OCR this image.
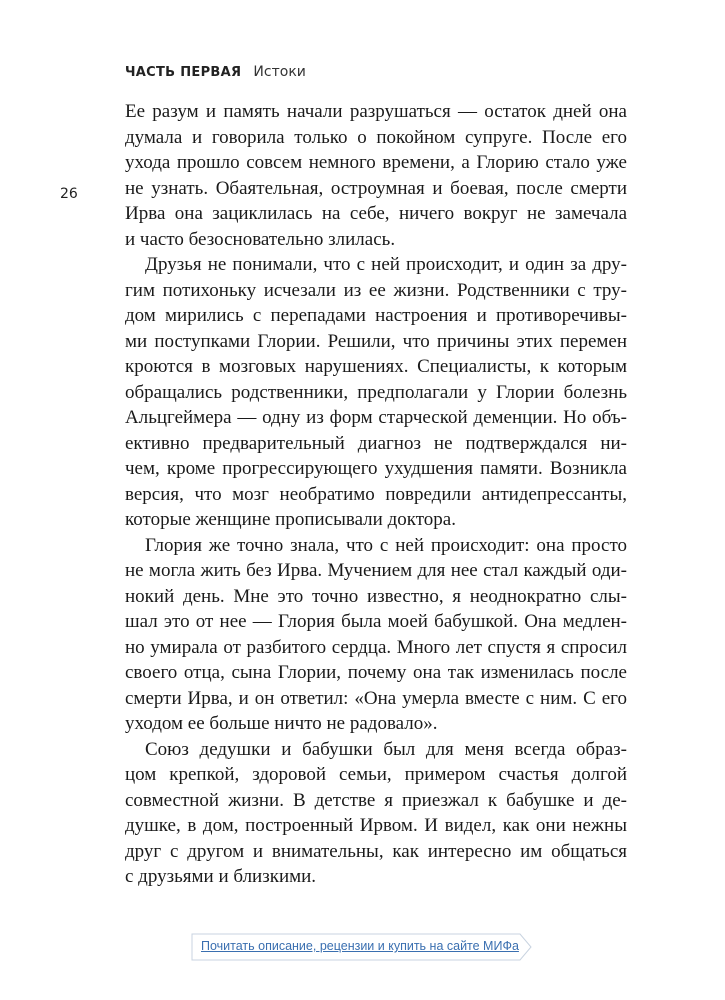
ЧАСТЬ ПЕРВАЯ Истоки
26

Ее разум и память начали разрушаться — остаток дней она
думала и говорила только о покойном супруге. После его
ухода прошло совсем немного времени, а Глорию стало уже
не узнать. Обаятельная, остроумная и боевая, после смерти
Ирва она зациклилась на себе, ничего вокруг не замечала
и часто безосновательно злилась.

Друзья не понимали, что с ней происходит, и один за дру-
гим потихоньку исчезали из ее жизни. Родственники с тру-
дом мирились с перепадами настроения и противоречивы-
ми поступками Глории. Решили, что причины этих перемен
кроются в мозговых нарушениях. Специалисты, к которым
обращались родственники, предполагали у Глории болезнь
Альцгеймера — одну из форм старческой деменции. Но объ-
ективно предварительный диагноз не подтверждался ни-
чем, кроме прогрессирующего ухудшения памяти. Возникла
версия, что мозг необратимо повредили антидепрессанты,
которые женщине прописывали доктора.

Глория же точно знала, что с ней происходит: она просто
не могла жить без Ирва. Мучением для нее стал каждый оди-
нокий день. Мне это точно известно, я неоднократно слы-
шал это от нее — Глория была моей бабушкой. Она медлен-
но умирала от разбитого сердца. Много лет спустя я спросил
своего отца, сына Глории, почему она так изменилась после
смерти Ирва, и он ответил: «Она умерла вместе с ним. С его
уходом ее больше ничто не радовало».

Союз дедушки и бабушки был для меня всегда образ-
цом крепкой, здоровой семьи, примером счастья долгой
совместной жизни. В детстве я приезжал к бабушке и де-
душке, в дом, построенный Ирвом. И видел, как они нежны
друг с другом и внимательны, как интересно им общаться
с друзьями и близкими.

Почитать описание, рецензии и купить на сайте МИФа
